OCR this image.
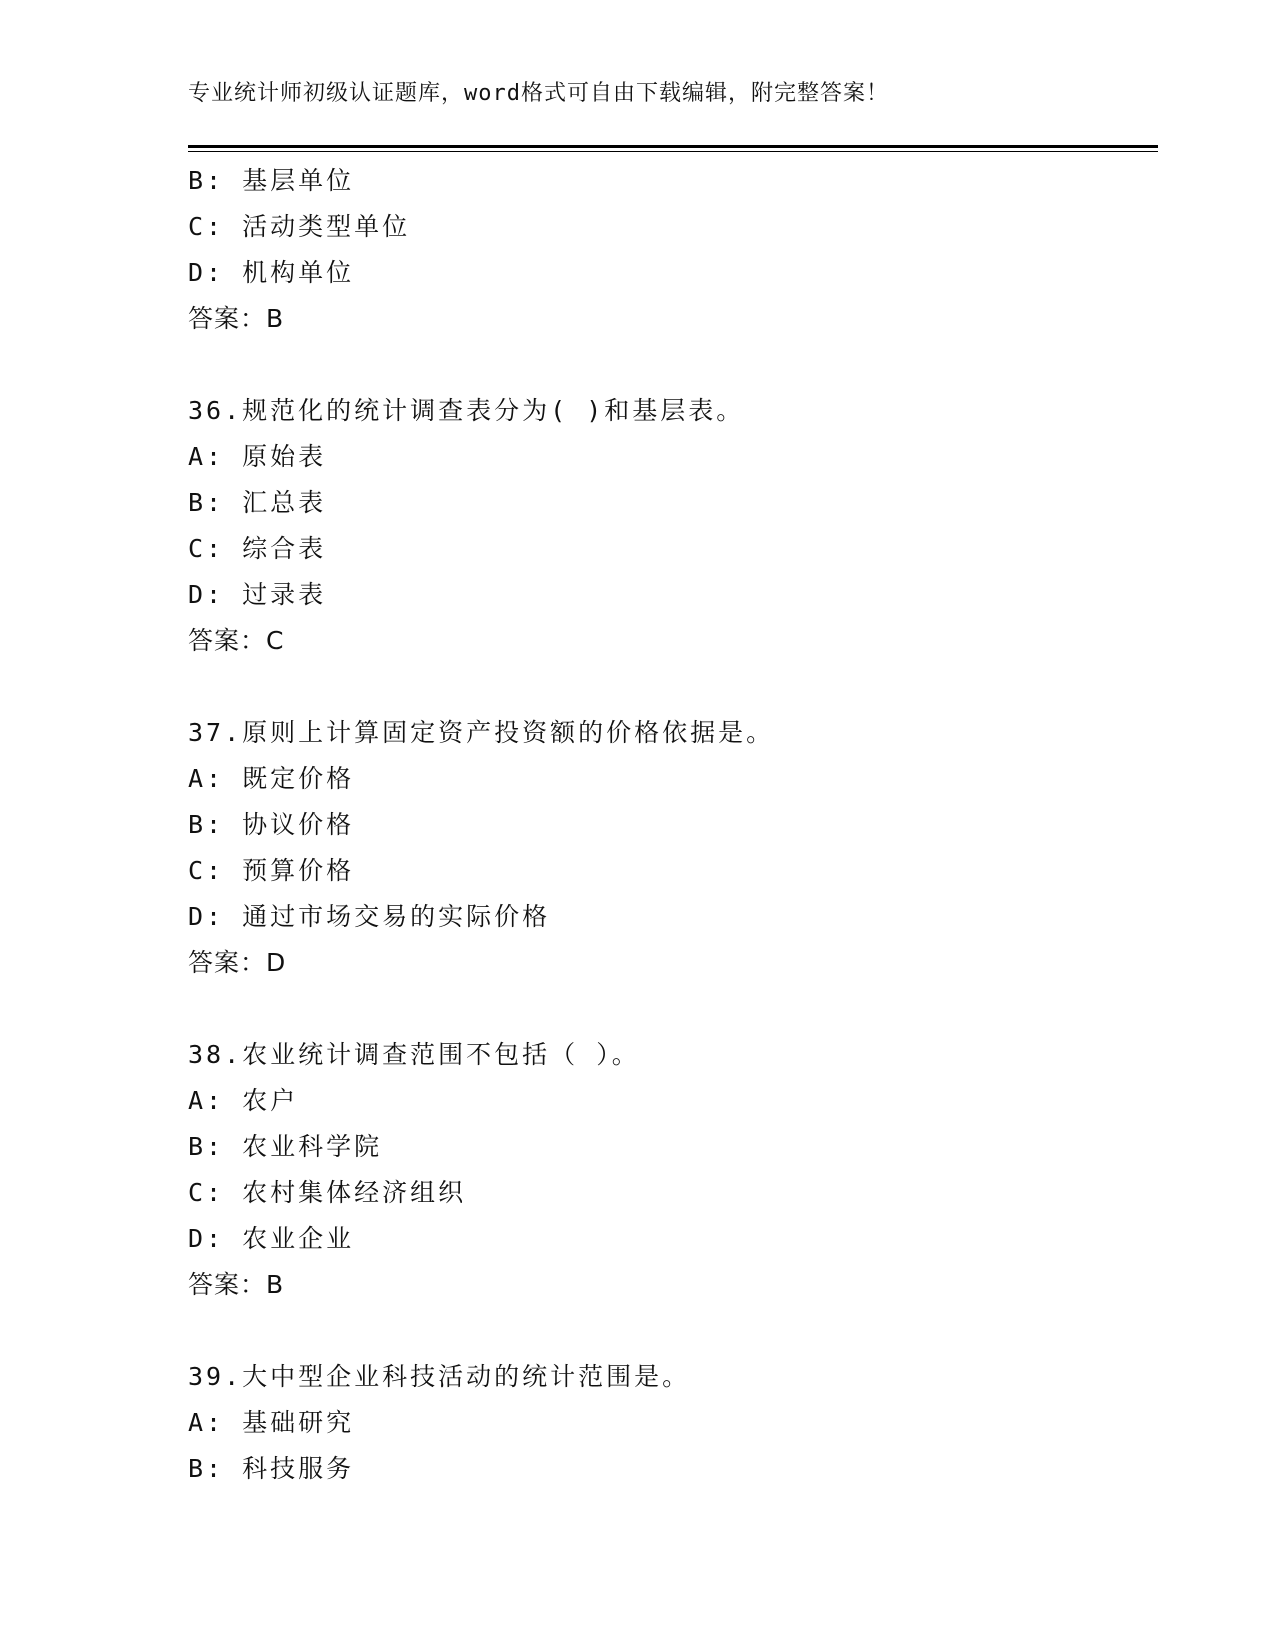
专业统计师初级认证题库，word格式可自由下载编辑，附完整答案！
B: 基层单位
C: 活动类型单位
D: 机构单位
答案：B
36.规范化的统计调查表分为( )和基层表。
A: 原始表
B: 汇总表
C: 综合表
D: 过录表
答案：C
37.原则上计算固定资产投资额的价格依据是。
A: 既定价格
B: 协议价格
C: 预算价格
D: 通过市场交易的实际价格
答案：D
38.农业统计调查范围不包括（ ）。
A: 农户
B: 农业科学院
C: 农村集体经济组织
D: 农业企业
答案：B
39.大中型企业科技活动的统计范围是。
A: 基础研究
B: 科技服务
